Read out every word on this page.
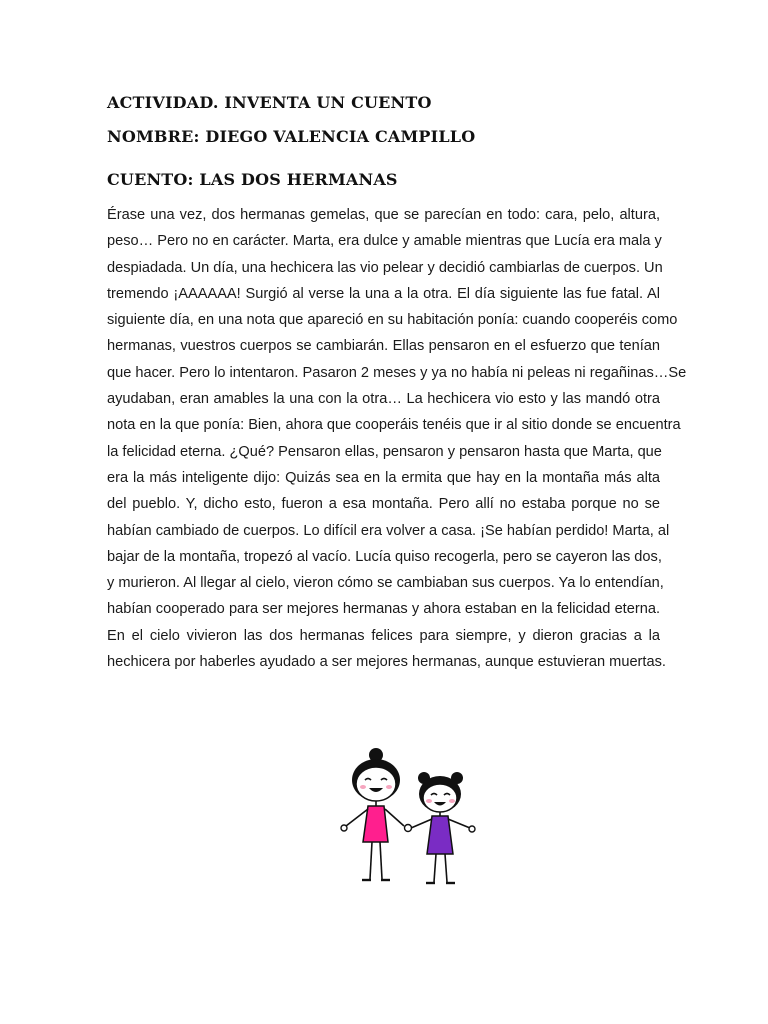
ACTIVIDAD. INVENTA UN CUENTO
NOMBRE: DIEGO VALENCIA CAMPILLO
CUENTO: LAS DOS HERMANAS
Érase una vez, dos hermanas gemelas, que se parecían en todo: cara, pelo, altura,
peso… Pero no en carácter. Marta, era dulce y amable mientras que Lucía era mala y
despiadada. Un día, una hechicera las vio pelear y decidió cambiarlas de cuerpos. Un
tremendo ¡AAAAAA! Surgió al verse la una a la otra. El día siguiente las fue fatal. Al
siguiente día, en una nota que apareció en su habitación ponía: cuando cooperéis como
hermanas, vuestros cuerpos se cambiarán. Ellas pensaron en el esfuerzo que tenían
que hacer. Pero lo intentaron. Pasaron 2 meses y ya no había ni peleas ni regañinas…Se
ayudaban, eran amables la una con la otra… La hechicera vio esto y las mandó otra
nota en la que ponía: Bien, ahora que cooperáis tenéis que ir al sitio donde se encuentra
la felicidad eterna. ¿Qué? Pensaron ellas, pensaron y pensaron hasta que Marta, que
era la más inteligente dijo: Quizás sea en la ermita que hay en la montaña más alta
del pueblo. Y, dicho esto, fueron a esa montaña. Pero allí no estaba porque no se
habían cambiado de cuerpos. Lo difícil era volver a casa. ¡Se habían perdido! Marta, al
bajar de la montaña, tropezó al vacío. Lucía quiso recogerla, pero se cayeron las dos,
y murieron. Al llegar al cielo, vieron cómo se cambiaban sus cuerpos. Ya lo entendían,
habían cooperado para ser mejores hermanas y ahora estaban en la felicidad eterna.
En el cielo vivieron las dos hermanas felices para siempre, y dieron gracias a la
hechicera por haberles ayudado a ser mejores hermanas, aunque estuvieran muertas.
